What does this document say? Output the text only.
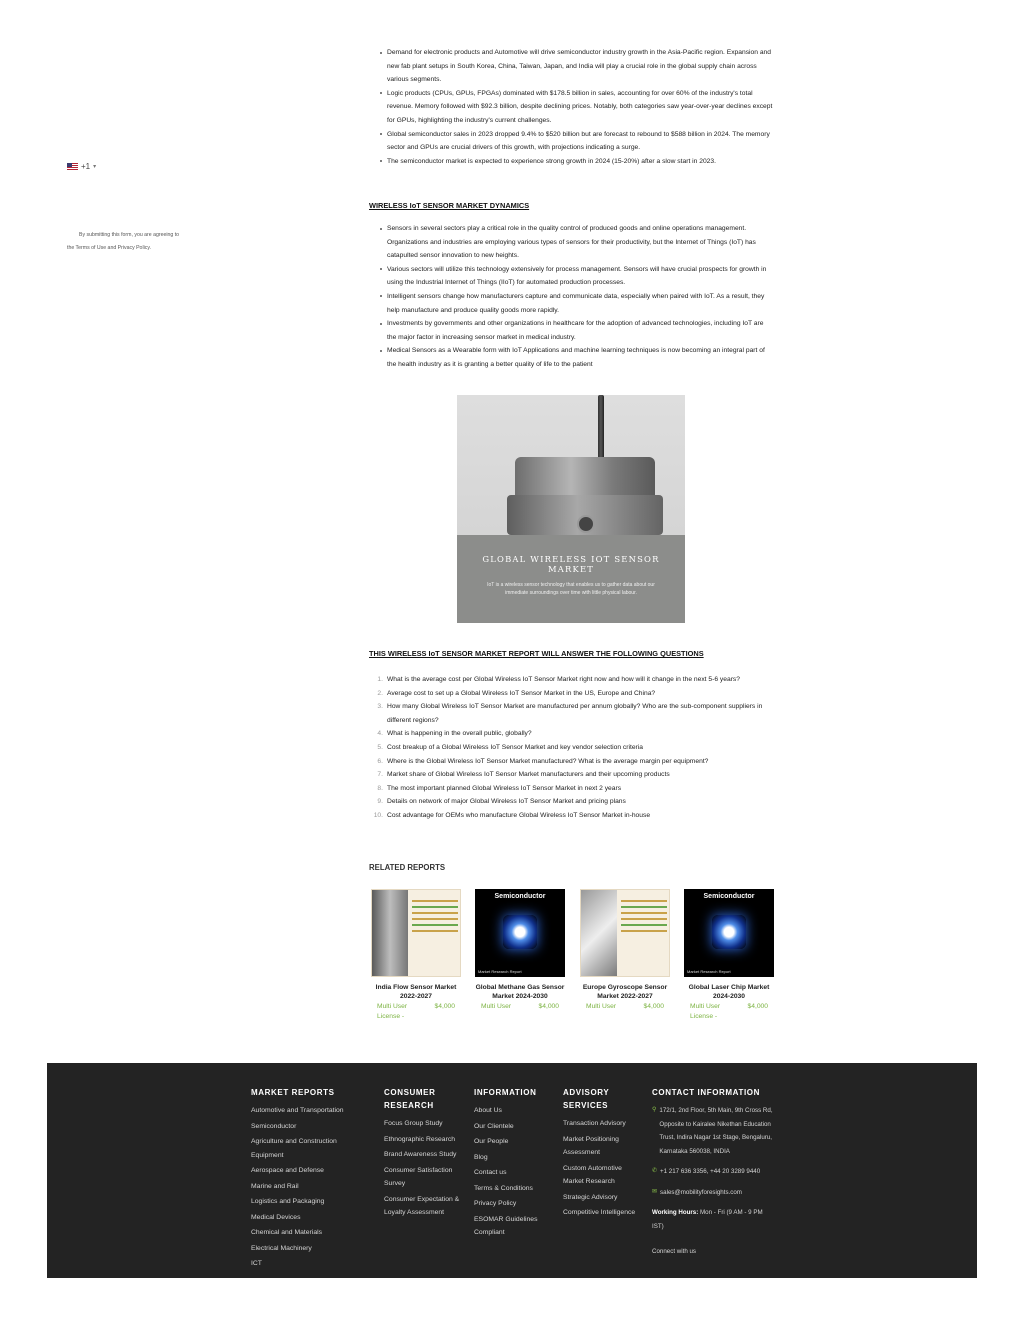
+1 ▾
By submitting this form, you are agreeing to
the Terms of Use and Privacy Policy.
Demand for electronic products and Automotive will drive semiconductor industry growth in the Asia-Pacific region. Expansion and new fab plant setups in South Korea, China, Taiwan, Japan, and India will play a crucial role in the global supply chain across various segments.
Logic products (CPUs, GPUs, FPGAs) dominated with $178.5 billion in sales, accounting for over 60% of the industry's total revenue. Memory followed with $92.3 billion, despite declining prices. Notably, both categories saw year-over-year declines except for GPUs, highlighting the industry's current challenges.
Global semiconductor sales in 2023 dropped 9.4% to $520 billion but are forecast to rebound to $588 billion in 2024. The memory sector and GPUs are crucial drivers of this growth, with projections indicating a surge.
The semiconductor market is expected to experience strong growth in 2024 (15-20%) after a slow start in 2023.
WIRELESS IoT SENSOR MARKET DYNAMICS
Sensors in several sectors play a critical role in the quality control of produced goods and online operations management. Organizations and industries are employing various types of sensors for their productivity, but the Internet of Things (IoT) has catapulted sensor innovation to new heights.
Various sectors will utilize this technology extensively for process management. Sensors will have crucial prospects for growth in using the Industrial Internet of Things (IIoT) for automated production processes.
Intelligent sensors change how manufacturers capture and communicate data, especially when paired with IoT. As a result, they help manufacture and produce quality goods more rapidly.
Investments by governments and other organizations in healthcare for the adoption of advanced technologies, including IoT are the major factor in increasing sensor market in medical industry.
Medical Sensors as a Wearable form with IoT Applications and machine learning techniques is now becoming an integral part of the health industry as it is granting a better quality of life to the patient
GLOBAL WIRELESS IOT SENSOR
MARKET
IoT is a wireless sensor technology that enables us to gather data about our immediate surroundings over time with little physical labour.
THIS WIRELESS IoT SENSOR MARKET REPORT WILL ANSWER THE FOLLOWING QUESTIONS
1. What is the average cost per Global Wireless IoT Sensor Market right now and how will it change in the next 5-6 years?
2. Average cost to set up a Global Wireless IoT Sensor Market in the US, Europe and China?
3. How many Global Wireless IoT Sensor Market are manufactured per annum globally? Who are the sub-component suppliers in different regions?
4. What is happening in the overall public, globally?
5. Cost breakup of a Global Wireless IoT Sensor Market and key vendor selection criteria
6. Where is the Global Wireless IoT Sensor Market manufactured? What is the average margin per equipment?
7. Market share of Global Wireless IoT Sensor Market manufacturers and their upcoming products
8. The most important planned Global Wireless IoT Sensor Market in next 2 years
9. Details on network of major Global Wireless IoT Sensor Market and pricing plans
10. Cost advantage for OEMs who manufacture Global Wireless IoT Sensor Market in-house
RELATED REPORTS
India Flow Sensor Market 2022-2027
Multi User	$4,000
License -
Semiconductor
Market Research Report
Global Methane Gas Sensor Market 2024-2030
Multi User	$4,000
Europe Gyroscope Sensor Market 2022-2027
Multi User	$4,000
Semiconductor
Market Research Report
Global Laser Chip Market 2024-2030
Multi User	$4,000
License -
MARKET REPORTS
Automotive and Transportation
Semiconductor
Agriculture and Construction Equipment
Aerospace and Defense
Marine and Rail
Logistics and Packaging
Medical Devices
Chemical and Materials
Electrical Machinery
ICT
CONSUMER RESEARCH
Focus Group Study
Ethnographic Research
Brand Awareness Study
Consumer Satisfaction Survey
Consumer Expectation & Loyalty Assessment
INFORMATION
About Us
Our Clientele
Our People
Blog
Contact us
Terms & Conditions
Privacy Policy
ESOMAR Guidelines Compliant
ADVISORY SERVICES
Transaction Advisory
Market Positioning Assessment
Custom Automotive Market Research
Strategic Advisory
Competitive Intelligence
CONTACT INFORMATION
⚲ 172/1, 2nd Floor, 5th Main, 9th Cross Rd, Opposite to Kairalee Nikethan Education Trust, Indira Nagar 1st Stage, Bengaluru, Karnataka 560038, INDIA
✆ +1 217 636 3356, +44 20 3289 9440
✉ sales@mobilityforesights.com
Working Hours: Mon - Fri (9 AM - 9 PM IST)
Connect with us
